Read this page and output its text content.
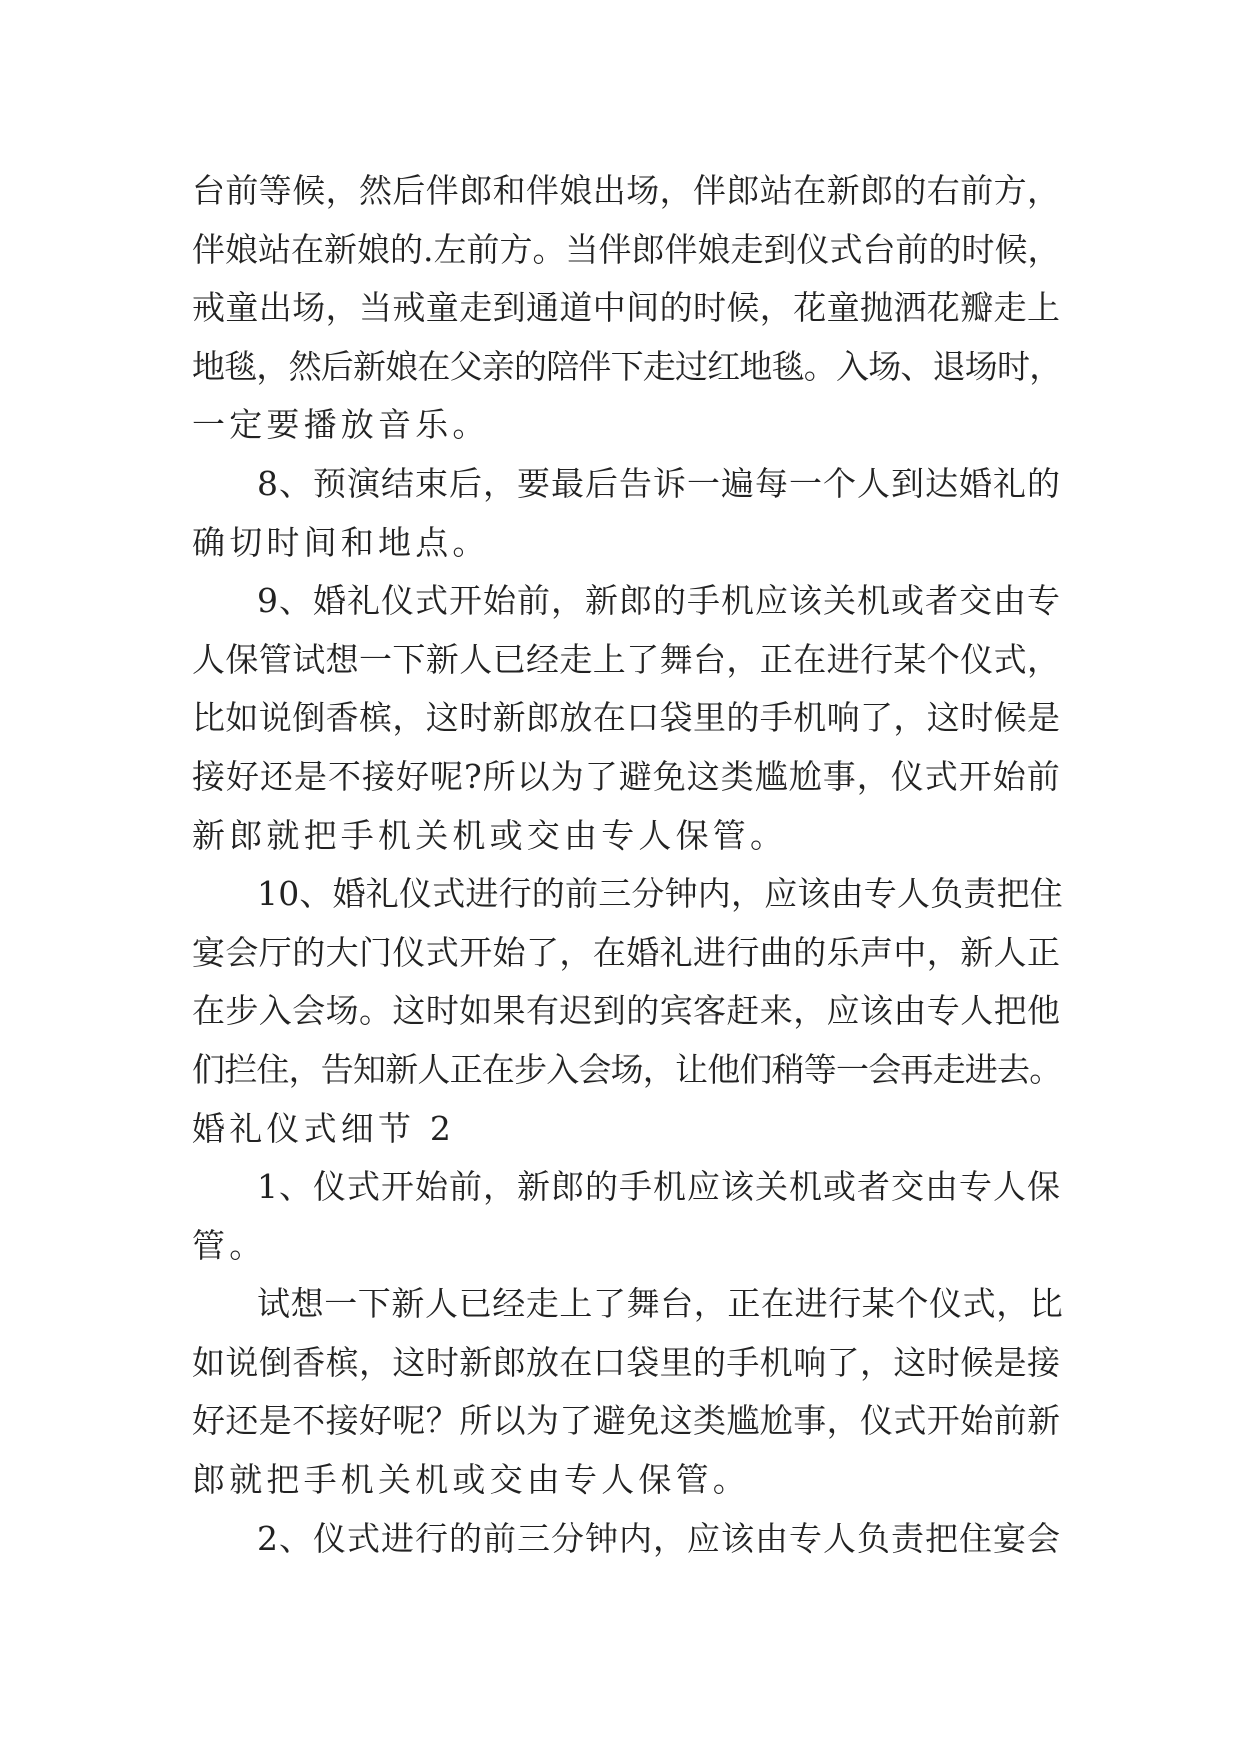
台前等候，然后伴郎和伴娘出场，伴郎站在新郎的右前方，
伴娘站在新娘的.左前方。当伴郎伴娘走到仪式台前的时候，
戒童出场，当戒童走到通道中间的时候，花童抛洒花瓣走上
地毯，然后新娘在父亲的陪伴下走过红地毯。入场、退场时，
一定要播放音乐。
8、预演结束后，要最后告诉一遍每一个人到达婚礼的
确切时间和地点。
9、婚礼仪式开始前，新郎的手机应该关机或者交由专
人保管试想一下新人已经走上了舞台，正在进行某个仪式，
比如说倒香槟，这时新郎放在口袋里的手机响了，这时候是
接好还是不接好呢?所以为了避免这类尴尬事，仪式开始前
新郎就把手机关机或交由专人保管。
10、婚礼仪式进行的前三分钟内，应该由专人负责把住
宴会厅的大门仪式开始了，在婚礼进行曲的乐声中，新人正
在步入会场。这时如果有迟到的宾客赶来，应该由专人把他
们拦住，告知新人正在步入会场，让他们稍等一会再走进去。
婚礼仪式细节 2
1、仪式开始前，新郎的手机应该关机或者交由专人保
管。
试想一下新人已经走上了舞台，正在进行某个仪式，比
如说倒香槟，这时新郎放在口袋里的手机响了，这时候是接
好还是不接好呢？所以为了避免这类尴尬事，仪式开始前新
郎就把手机关机或交由专人保管。
2、仪式进行的前三分钟内，应该由专人负责把住宴会
